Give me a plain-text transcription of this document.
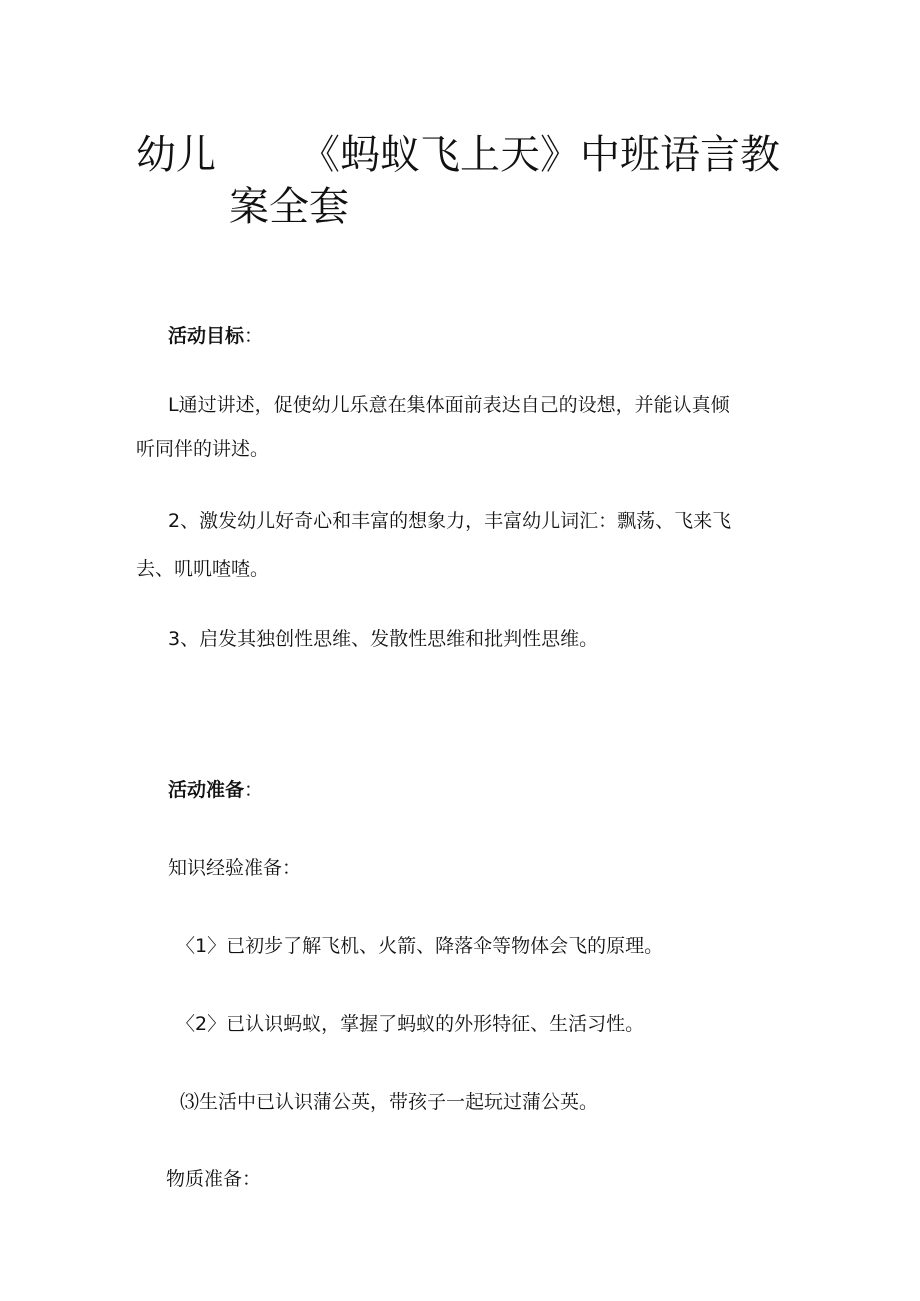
幼儿 《蚂蚁飞上天》中班语言教
案全套
活动目标：
L通过讲述，促使幼儿乐意在集体面前表达自己的设想，并能认真倾
听同伴的讲述。
2、激发幼儿好奇心和丰富的想象力，丰富幼儿词汇：飘荡、飞来飞
去、叽叽喳喳。
3、启发其独创性思维、发散性思维和批判性思维。
活动准备：
知识经验准备：
〈1〉已初步了解飞机、火箭、降落伞等物体会飞的原理。
〈2〉已认识蚂蚁，掌握了蚂蚁的外形特征、生活习性。
⑶生活中已认识蒲公英，带孩子一起玩过蒲公英。
物质准备：
